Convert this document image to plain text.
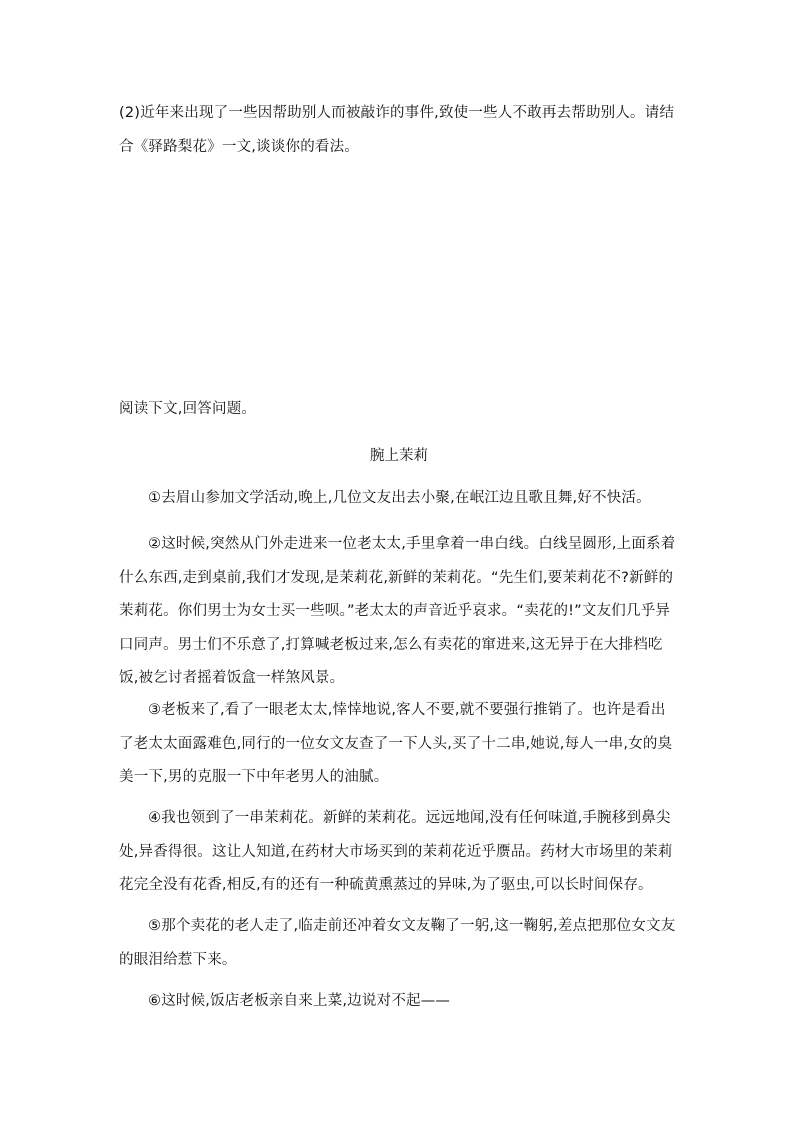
(2)近年来出现了一些因帮助别人而被敲诈的事件,致使一些人不敢再去帮助别人。请结合《驿路梨花》一文,谈谈你的看法。
阅读下文,回答问题。
腕上茉莉
①去眉山参加文学活动,晚上,几位文友出去小聚,在岷江边且歌且舞,好不快活。
②这时候,突然从门外走进来一位老太太,手里拿着一串白线。白线呈圆形,上面系着什么东西,走到桌前,我们才发现,是茉莉花,新鲜的茉莉花。“先生们,要茉莉花不?新鲜的茉莉花。你们男士为女士买一些呗。”老太太的声音近乎哀求。“卖花的!”文友们几乎异口同声。男士们不乐意了,打算喊老板过来,怎么有卖花的窜进来,这无异于在大排档吃饭,被乞讨者摇着饭盒一样煞风景。
③老板来了,看了一眼老太太,悻悻地说,客人不要,就不要强行推销了。也许是看出了老太太面露难色,同行的一位女文友查了一下人头,买了十二串,她说,每人一串,女的臭美一下,男的克服一下中年老男人的油腻。
④我也领到了一串茉莉花。新鲜的茉莉花。远远地闻,没有任何味道,手腕移到鼻尖处,异香得很。这让人知道,在药材大市场买到的茉莉花近乎赝品。药材大市场里的茉莉花完全没有花香,相反,有的还有一种硫黄熏蒸过的异味,为了驱虫,可以长时间保存。
⑤那个卖花的老人走了,临走前还冲着女文友鞠了一躬,这一鞠躬,差点把那位女文友的眼泪给惹下来。
⑥这时候,饭店老板亲自来上菜,边说对不起——
